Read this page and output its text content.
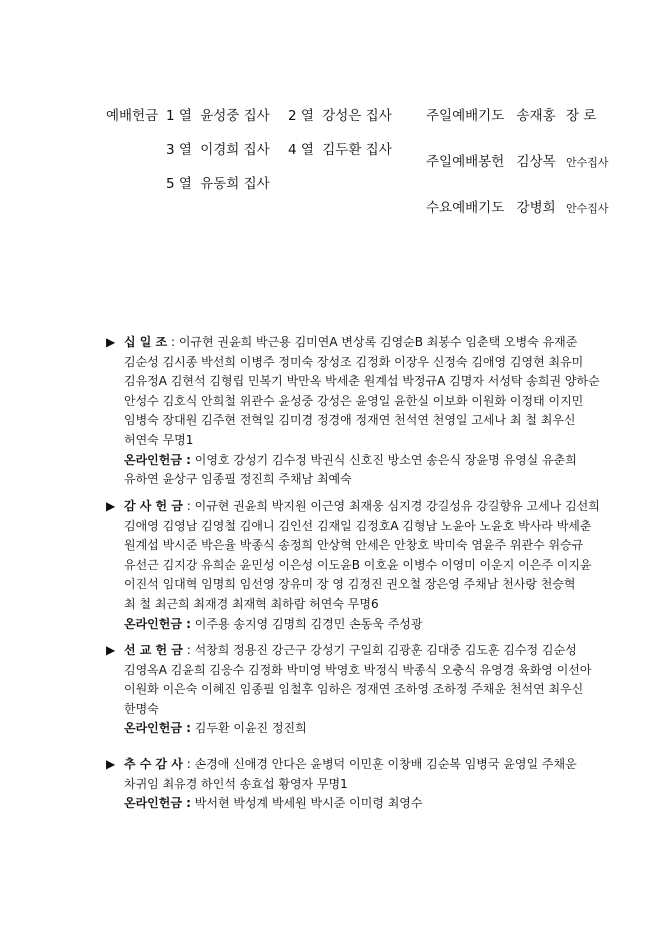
예배헌금 1 열 윤성중 집사 2 열 강성은 집사
3 열 이경희 집사 4 열 김두환 집사
5 열 유동희 집사
주일예배기도 송재홍 장 로
주일예배봉헌 김상목 안수집사
수요예배기도 강병희 안수집사
▶ 십 일 조 : 이규현 권윤희 박근용 김미연A 변상록 김영순B 최봉수 임춘택 오병숙 유재준
김순성 김시종 박선희 이병주 정미숙 장성조 김정화 이장우 신정숙 김애영 김영현 최유미
김유정A 김현석 김형립 민복기 박만옥 박세춘 원계섭 박정규A 김명자 서성탁 송희권 양하순
안성수 김호식 안희철 위관수 윤성중 강성은 윤영일 윤한실 이보화 이원화 이정태 이지민
임병숙 장대원 김주현 전혁일 김미경 정경애 정재연 천석연 천영일 고세나 최 철 최우신
허연숙 무명1
온라인헌금 : 이영호 강성기 김수정 박권식 신호진 방소연 송은식 장윤명 유영실 유춘희
유하연 윤상구 임종필 정진희 주채남 최예숙
▶ 감 사 헌 금 : 이규현 권윤희 박지원 이근영 최재웅 심지경 강길성유 강길향유 고세나 김선희
김애영 김영남 김영철 김애니 김인선 김재일 김정호A 김형남 노윤아 노윤호 박사라 박세춘
원계섭 박시준 박은율 박종식 송정희 안상혁 안세은 안창호 박미숙 염윤주 위관수 위승규
유선근 김지강 유희순 윤민성 이은성 이도윤B 이호윤 이병수 이영미 이운지 이은주 이지윤
이진석 임대혁 임명희 임선영 장유미 장 영 김정진 권오철 장은영 주채남 천사랑 천승혁
최 철 최근희 최재경 최재혁 최하람 허연숙 무명6
온라인헌금 : 이주용 송지영 김명희 김경민 손동욱 주성광
▶ 선 교 헌 금 : 석창희 정용진 강근구 강성기 구일회 김광훈 김대중 김도훈 김수정 김순성
김영옥A 김윤희 김응수 김정화 박미영 박영호 박정식 박종식 오충식 유영경 육화영 이선아
이원화 이은숙 이혜진 임종필 임철후 임하은 정재연 조하영 조하정 주채운 천석연 최우신
한명숙
온라인헌금 : 김두환 이윤진 정진희
▶ 추 수 감 사 : 손경애 신애경 안다은 윤병덕 이민훈 이창배 김순복 임병국 윤영일 주채운
차귀임 최유경 하인석 송효섭 황영자 무명1
온라인헌금 : 박서현 박성계 박세원 박시준 이미령 최영수
